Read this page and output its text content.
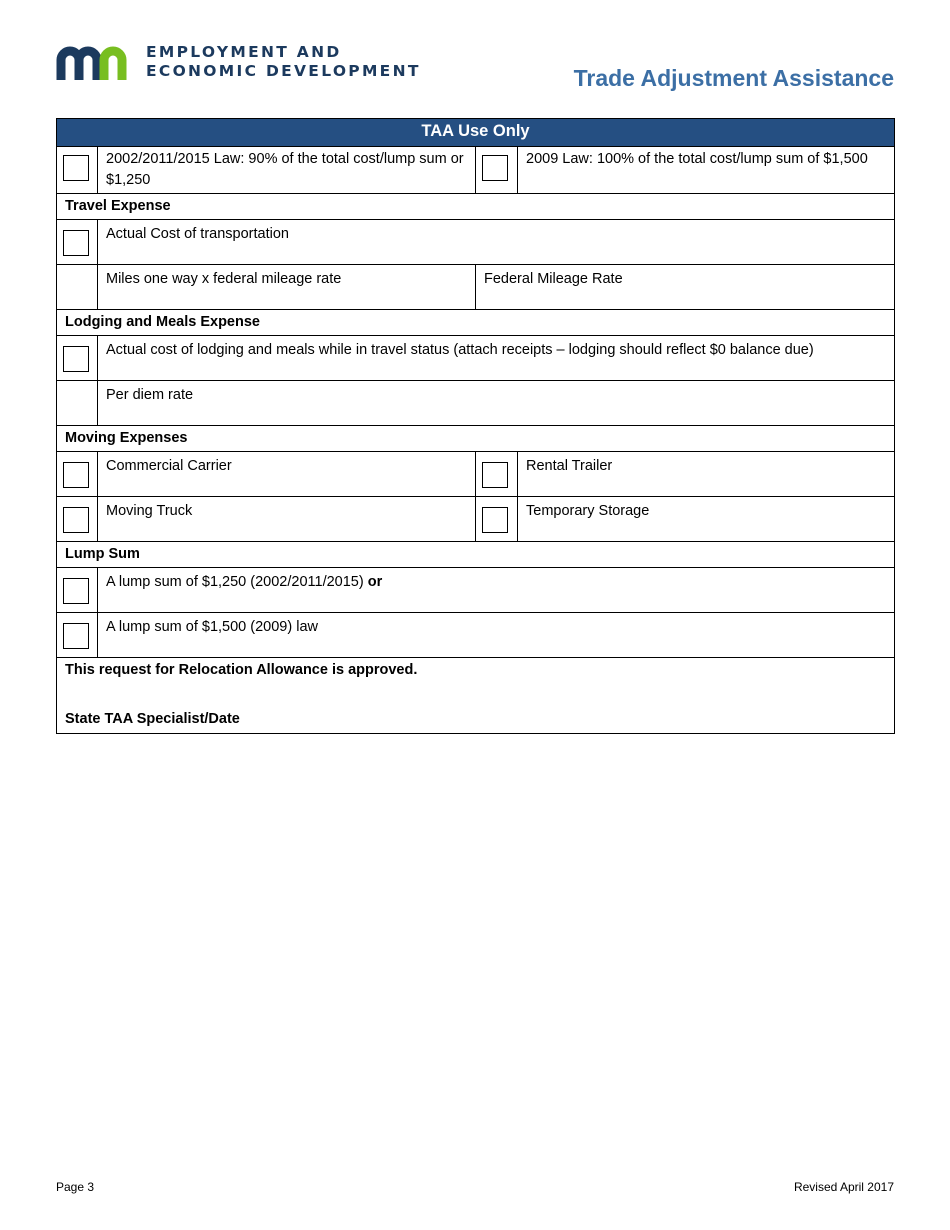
EMPLOYMENT AND
ECONOMIC DEVELOPMENT	Trade Adjustment Assistance
TAA Use Only			

	2002/2011/2015 Law: 90% of the total cost/lump sum or $1,250		2009 Law: 100% of the total cost/lump sum of $1,500
Travel Expense			

	Actual Cost of transportation		
	Miles one way x federal mileage rate	Federal Mileage Rate	
Lodging and Meals Expense			

	Actual cost of lodging and meals while in travel status (attach receipts – lodging should reflect $0 balance due)		
	Per diem rate		
Moving Expenses			

	Commercial Carrier		Rental Trailer

	Moving Truck		Temporary Storage
Lump Sum			

	A lump sum of $1,250 (2002/2011/2015) or		

	A lump sum of $1,500 (2009) law		

This request for Relocation Allowance is approved.
State TAA Specialist/Date			
Page 3	Revised April 2017
